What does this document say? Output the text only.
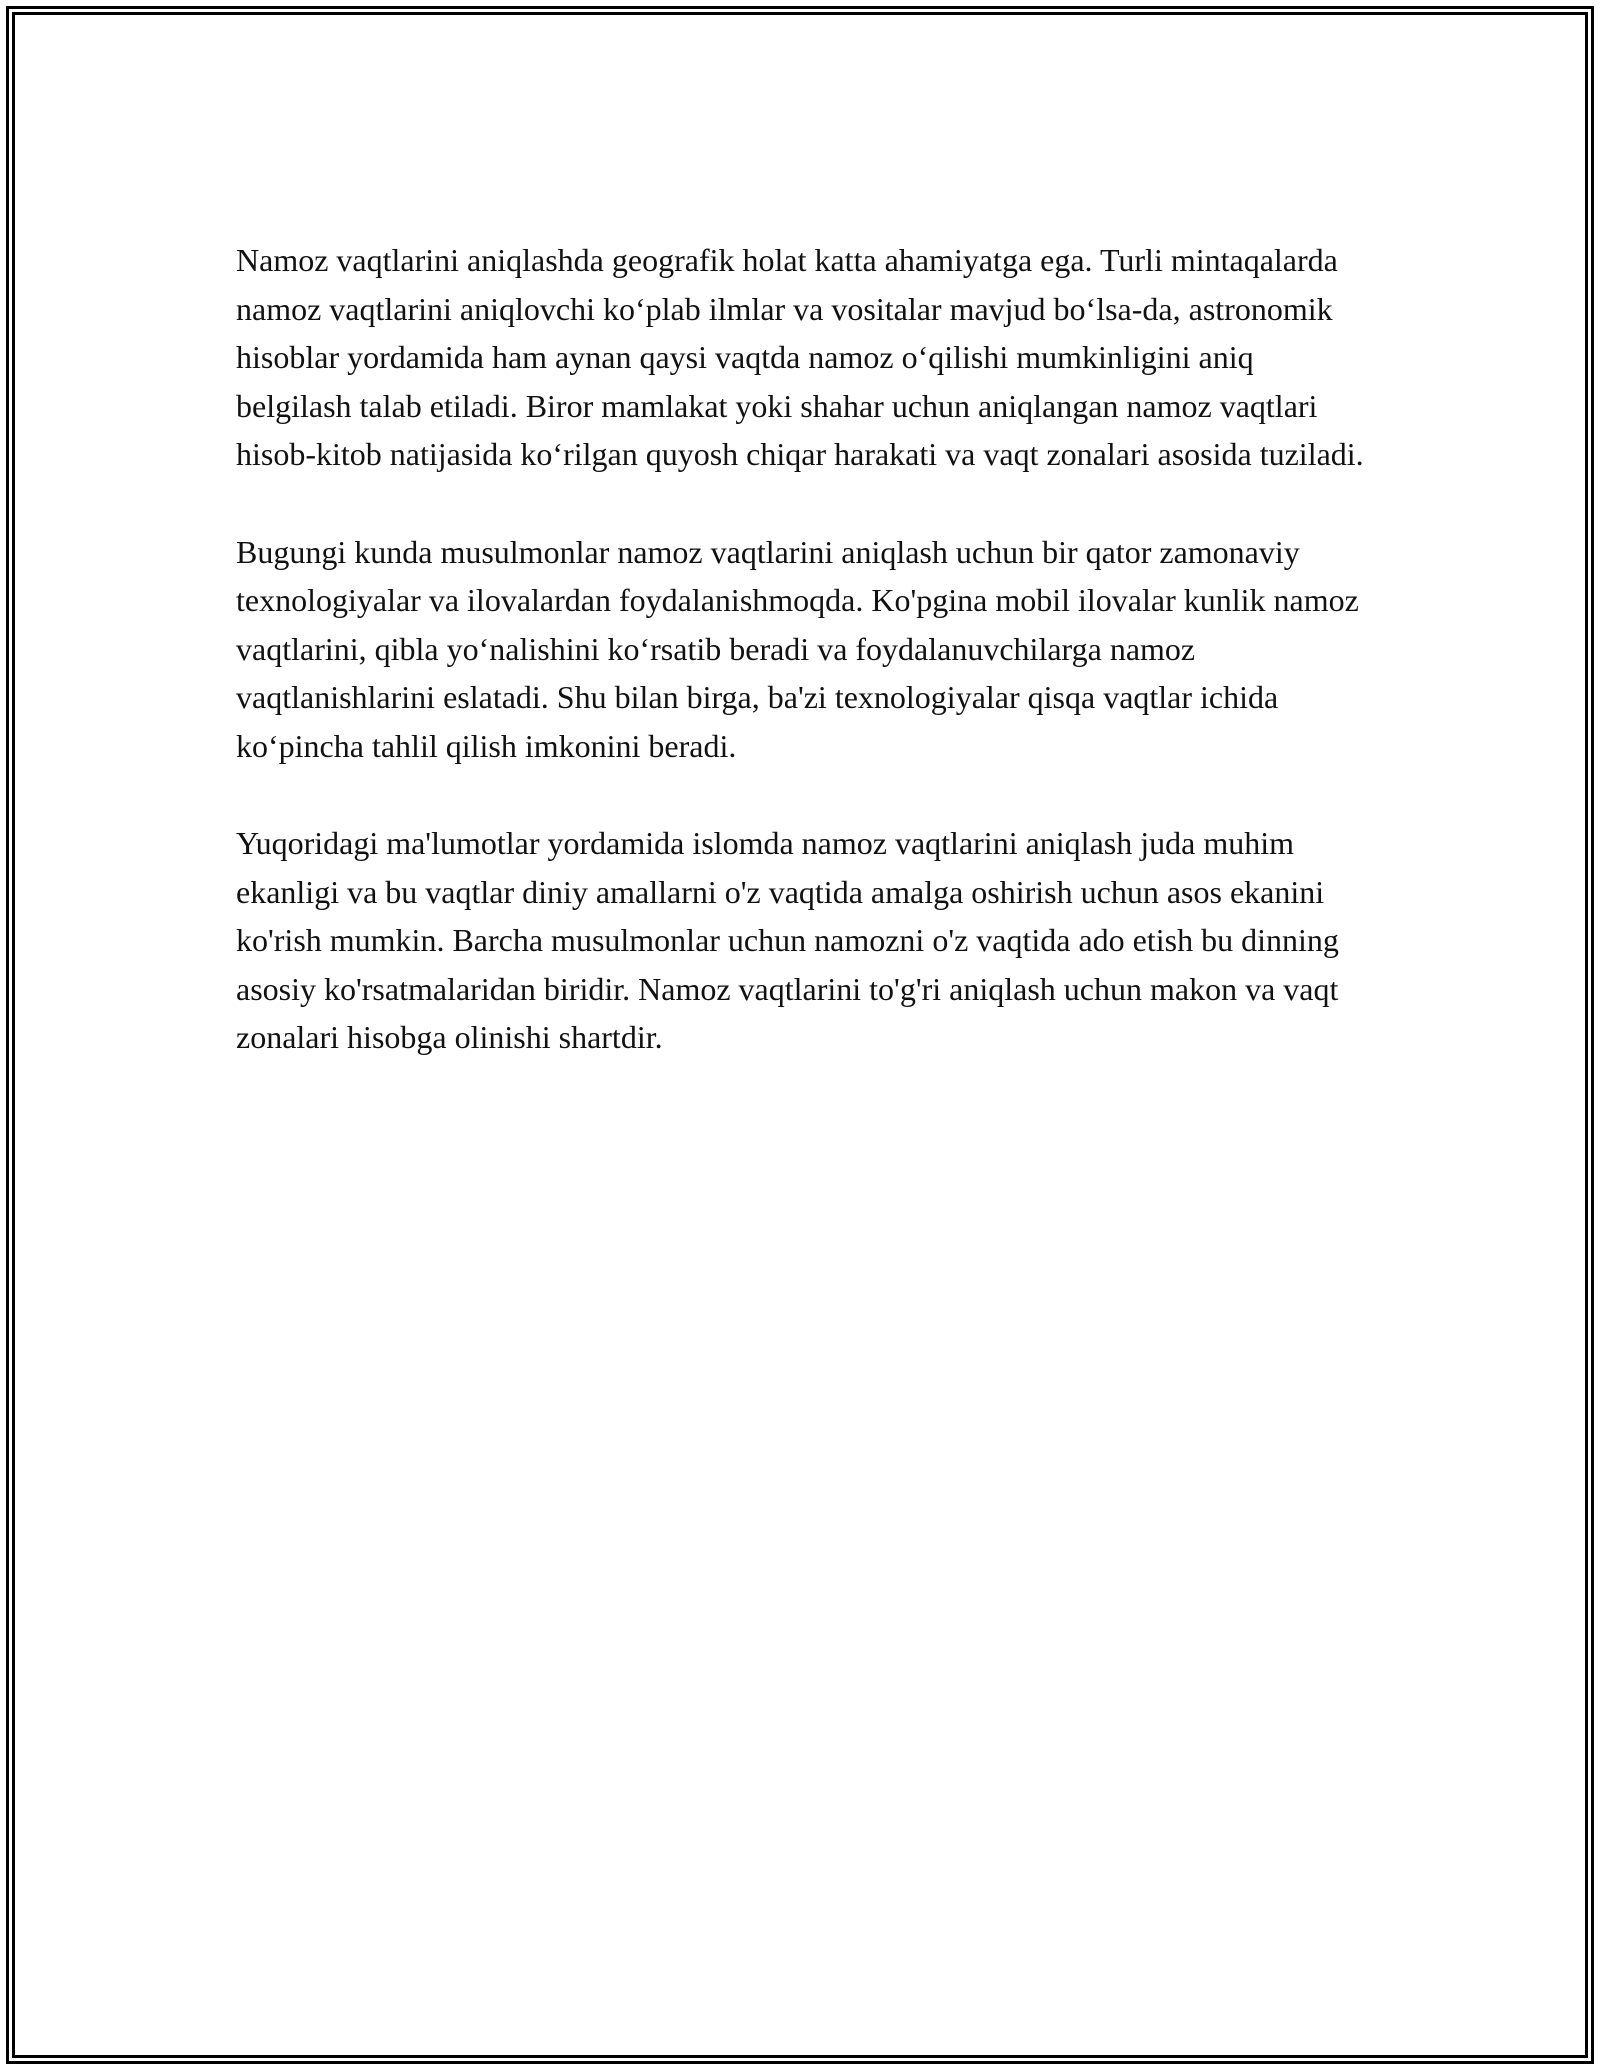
Namoz vaqtlarini aniqlashda geografik holat katta ahamiyatga ega. Turli mintaqalarda namoz vaqtlarini aniqlovchi ko‘plab ilmlar va vositalar mavjud bo‘lsa-da, astronomik hisoblar yordamida ham aynan qaysi vaqtda namoz o‘qilishi mumkinligini aniq belgilash talab etiladi. Biror mamlakat yoki shahar uchun aniqlangan namoz vaqtlari hisob-kitob natijasida ko‘rilgan quyosh chiqar harakati va vaqt zonalari asosida tuziladi.

Bugungi kunda musulmonlar namoz vaqtlarini aniqlash uchun bir qator zamonaviy texnologiyalar va ilovalardan foydalanishmoqda. Ko'pgina mobil ilovalar kunlik namoz vaqtlarini, qibla yo‘nalishini ko‘rsatib beradi va foydalanuvchilarga namoz vaqtlanishlarini eslatadi. Shu bilan birga, ba'zi texnologiyalar qisqa vaqtlar ichida ko‘pincha tahlil qilish imkonini beradi.

Yuqoridagi ma'lumotlar yordamida islomda namoz vaqtlarini aniqlash juda muhim ekanligi va bu vaqtlar diniy amallarni o'z vaqtida amalga oshirish uchun asos ekanini ko'rish mumkin. Barcha musulmonlar uchun namozni o'z vaqtida ado etish bu dinning asosiy ko'rsatmalaridan biridir. Namoz vaqtlarini to'g'ri aniqlash uchun makon va vaqt zonalari hisobga olinishi shartdir.
